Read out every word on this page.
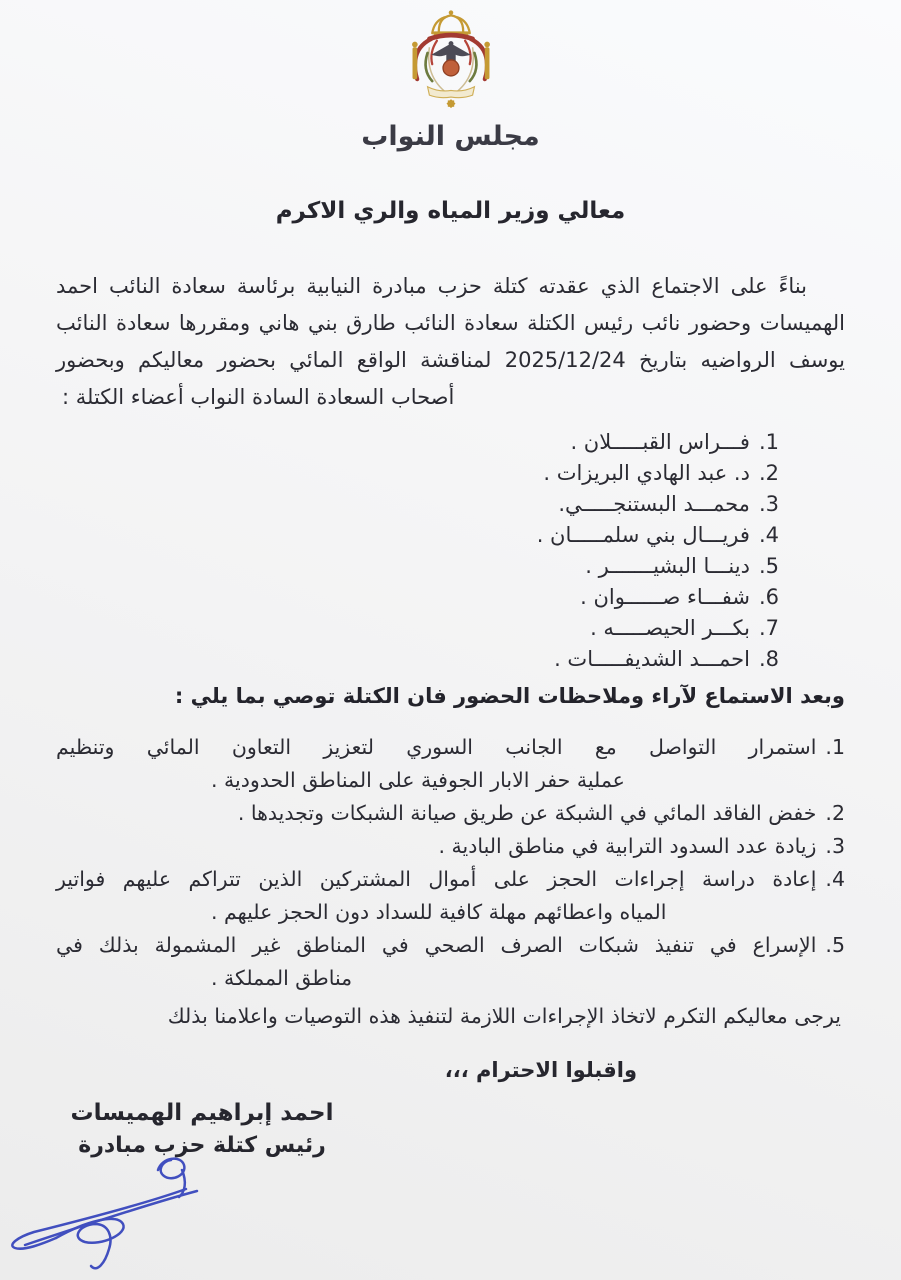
مجلس النواب
معالي وزير المياه والري الاكرم
بناءً على الاجتماع الذي عقدته كتلة حزب مبادرة النيابية برئاسة سعادة النائب احمد
الهميسات وحضور نائب رئيس الكتلة سعادة النائب طارق بني هاني ومقررها سعادة النائب
يوسف الرواضيه بتاريخ 2025/12/24 لمناقشة الواقع المائي بحضور معاليكم وبحضور
أصحاب السعادة السادة النواب أعضاء الكتلة :
1.
فـــراس القبـــــلان .
2.
د. عبد الهادي البريزات .
3.
محمـــد البستنجـــــي.
4.
فريـــال بني سلمـــــان .
5.
دينـــا البشيـــــــر .
6.
شفـــاء صــــــوان .
7.
بكـــر الحيصـــــه .
8.
احمـــد الشديفـــــات .
وبعد الاستماع لآراء وملاحظات الحضور فان الكتلة توصي بما يلي :
1.
استمرار التواصل مع الجانب السوري لتعزيز التعاون المائي وتنظيم
عملية حفر الابار الجوفية على المناطق الحدودية .
2.
خفض الفاقد المائي في الشبكة عن طريق صيانة الشبكات وتجديدها .
3.
زيادة عدد السدود الترابية في مناطق البادية .
4.
إعادة دراسة إجراءات الحجز على أموال المشتركين الذين تتراكم عليهم فواتير
المياه واعطائهم مهلة كافية للسداد دون الحجز عليهم .
5.
الإسراع في تنفيذ شبكات الصرف الصحي في المناطق غير المشمولة بذلك في
مناطق المملكة .
يرجى معاليكم التكرم لاتخاذ الإجراءات اللازمة لتنفيذ هذه التوصيات واعلامنا بذلك
واقبلوا الاحترام ،،،
احمد إبراهيم الهميسات
رئيس كتلة حزب مبادرة
